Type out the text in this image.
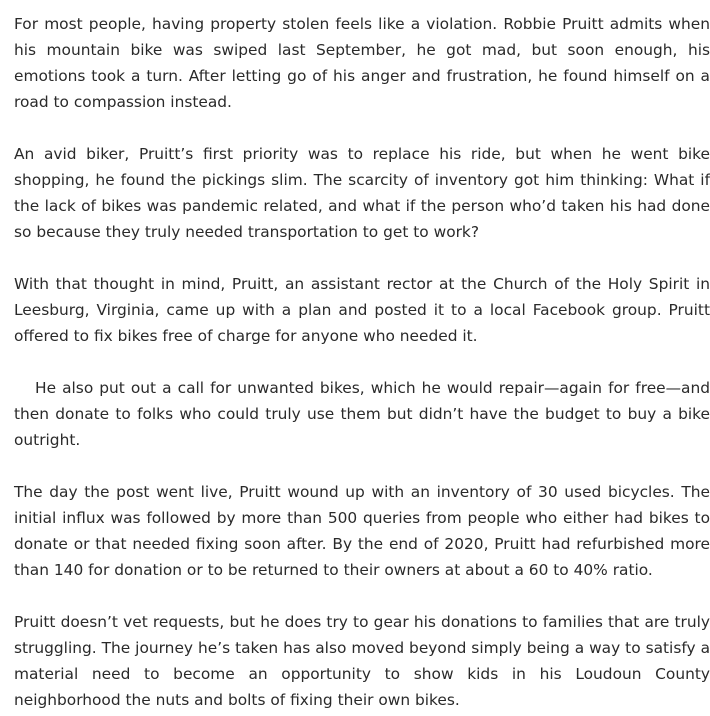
For most people, having property stolen feels like a violation. Robbie Pruitt admits when his mountain bike was swiped last September, he got mad, but soon enough, his emotions took a turn. After letting go of his anger and frustration, he found himself on a road to compassion instead.

An avid biker, Pruitt’s first priority was to replace his ride, but when he went bike shopping, he found the pickings slim. The scarcity of inventory got him thinking: What if the lack of bikes was pandemic related, and what if the person who’d taken his had done so because they truly needed transportation to get to work?

With that thought in mind, Pruitt, an assistant rector at the Church of the Holy Spirit in Leesburg, Virginia, came up with a plan and posted it to a local Facebook group. Pruitt offered to fix bikes free of charge for anyone who needed it.

He also put out a call for unwanted bikes, which he would repair—again for free—and then donate to folks who could truly use them but didn’t have the budget to buy a bike outright.

The day the post went live, Pruitt wound up with an inventory of 30 used bicycles. The initial influx was followed by more than 500 queries from people who either had bikes to donate or that needed fixing soon after. By the end of 2020, Pruitt had refurbished more than 140 for donation or to be returned to their owners at about a 60 to 40% ratio.

Pruitt doesn’t vet requests, but he does try to gear his donations to families that are truly struggling. The journey he’s taken has also moved beyond simply being a way to satisfy a material need to become an opportunity to show kids in his Loudoun County neighborhood the nuts and bolts of fixing their own bikes.
